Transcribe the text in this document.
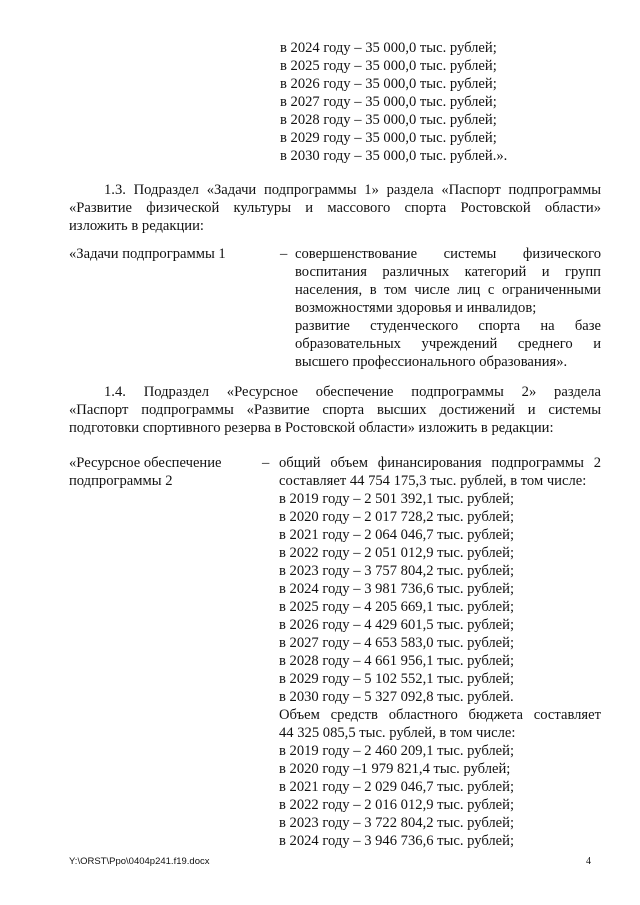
в 2024 году – 35 000,0 тыс. рублей;
в 2025 году – 35 000,0 тыс. рублей;
в 2026 году – 35 000,0 тыс. рублей;
в 2027 году – 35 000,0 тыс. рублей;
в 2028 году – 35 000,0 тыс. рублей;
в 2029 году – 35 000,0 тыс. рублей;
в 2030 году – 35 000,0 тыс. рублей.».
1.3. Подраздел «Задачи подпрограммы 1» раздела «Паспорт подпрограммы
«Развитие физической культуры и массового спорта Ростовской области»
изложить в редакции:
«Задачи подпрограммы 1	– совершенствование системы физического
воспитания различных категорий и групп
населения, в том числе лиц с ограниченными
возможностями здоровья и инвалидов;
развитие студенческого спорта на базе
образовательных учреждений среднего и
высшего профессионального образования».
1.4. Подраздел «Ресурсное обеспечение подпрограммы 2» раздела
«Паспорт подпрограммы «Развитие спорта высших достижений и системы
подготовки спортивного резерва в Ростовской области» изложить в редакции:
«Ресурсное обеспечение
подпрограммы 2
– общий объем финансирования подпрограммы 2
составляет 44 754 175,3 тыс. рублей, в том числе:
в 2019 году – 2 501 392,1 тыс. рублей;
в 2020 году – 2 017 728,2 тыс. рублей;
в 2021 году – 2 064 046,7 тыс. рублей;
в 2022 году – 2 051 012,9 тыс. рублей;
в 2023 году – 3 757 804,2 тыс. рублей;
в 2024 году – 3 981 736,6 тыс. рублей;
в 2025 году – 4 205 669,1 тыс. рублей;
в 2026 году – 4 429 601,5 тыс. рублей;
в 2027 году – 4 653 583,0 тыс. рублей;
в 2028 году – 4 661 956,1 тыс. рублей;
в 2029 году – 5 102 552,1 тыс. рублей;
в 2030 году – 5 327 092,8 тыс. рублей.
Объем средств областного бюджета составляет
44 325 085,5 тыс. рублей, в том числе:
в 2019 году – 2 460 209,1 тыс. рублей;
в 2020 году –1 979 821,4 тыс. рублей;
в 2021 году – 2 029 046,7 тыс. рублей;
в 2022 году – 2 016 012,9 тыс. рублей;
в 2023 году – 3 722 804,2 тыс. рублей;
в 2024 году – 3 946 736,6 тыс. рублей;
Y:\ORST\Ppo\0404p241.f19.docx	4
